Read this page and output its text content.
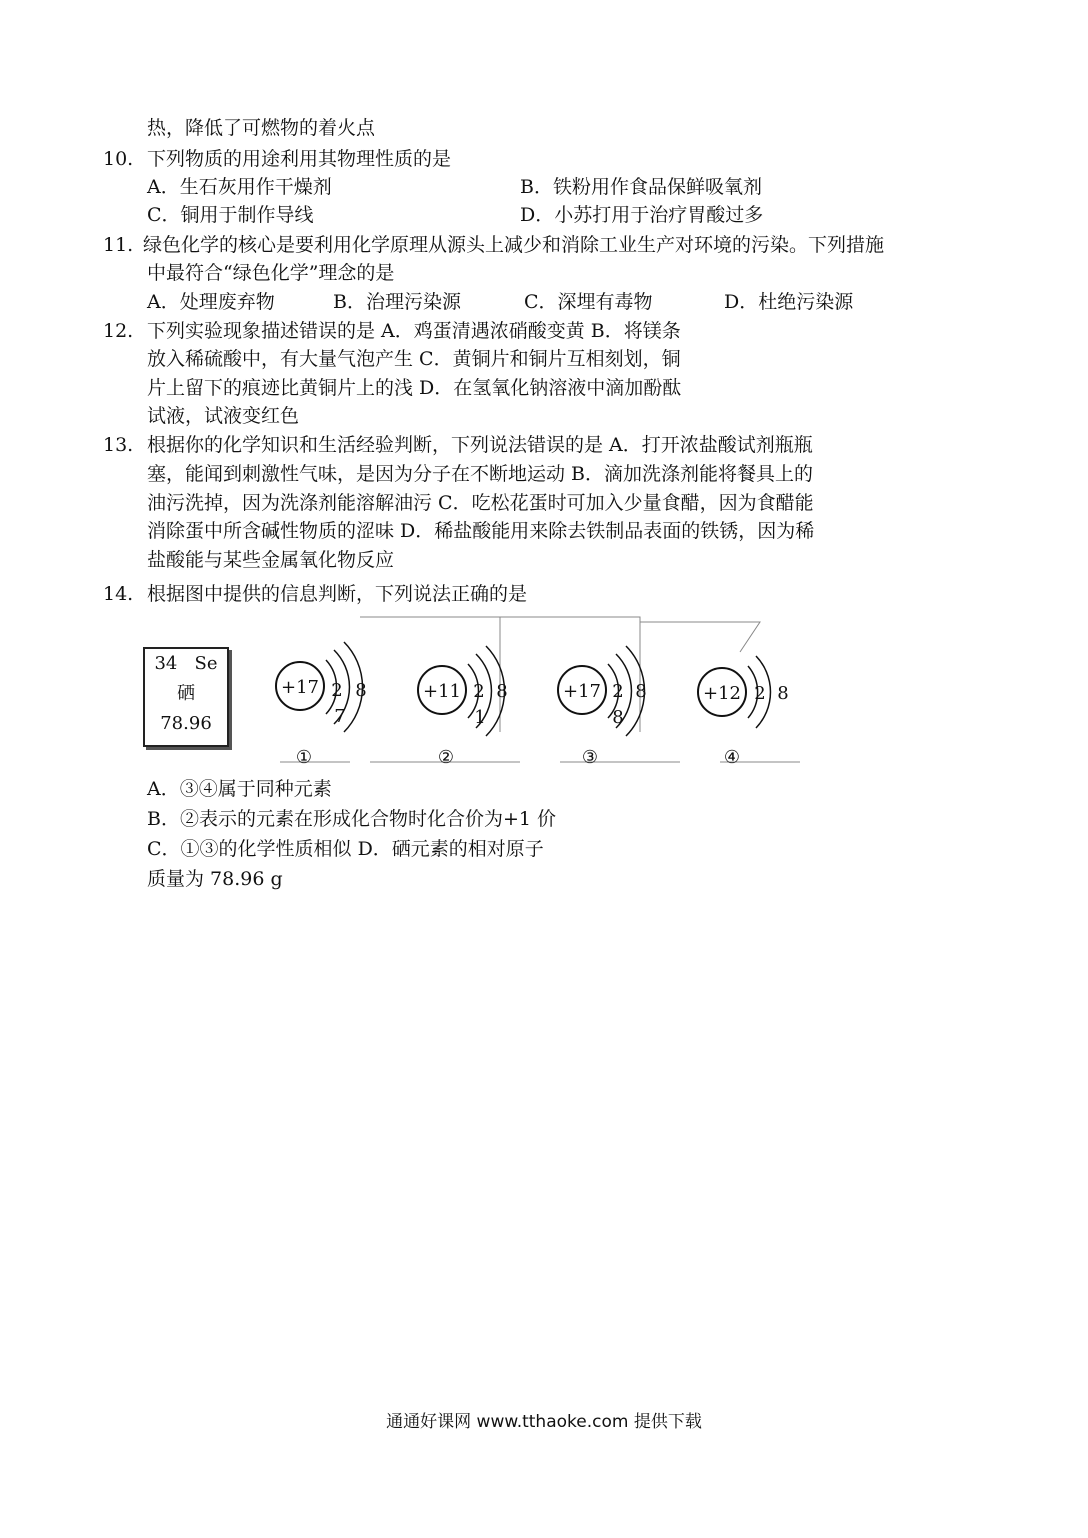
热，降低了可燃物的着火点
10. 下列物质的用途利用其物理性质的是
A．生石灰用作干燥剂	B．铁粉用作食品保鲜吸氧剂
C．铜用于制作导线	D．小苏打用于治疗胃酸过多
11. 绿色化学的核心是要利用化学原理从源头上减少和消除工业生产对环境的污染。下列措施
中最符合“绿色化学”理念的是
A．处理废弃物	B．治理污染源	C．深埋有毒物	D．杜绝污染源
12. 下列实验现象描述错误的是 A．鸡蛋清遇浓硝酸变黄 B．将镁条
放入稀硫酸中，有大量气泡产生 C．黄铜片和铜片互相刻划，铜
片上留下的痕迹比黄铜片上的浅 D．在氢氧化钠溶液中滴加酚酞
试液，试液变红色
13. 根据你的化学知识和生活经验判断，下列说法错误的是 A．打开浓盐酸试剂瓶瓶
塞，能闻到刺激性气味，是因为分子在不断地运动 B．滴加洗涤剂能将餐具上的
油污洗掉，因为洗涤剂能溶解油污 C．吃松花蛋时可加入少量食醋，因为食醋能
消除蛋中所含碱性物质的涩味 D．稀盐酸能用来除去铁制品表面的铁锈，因为稀
盐酸能与某些金属氧化物反应
14. 根据图中提供的信息判断，下列说法正确的是
34 Se
硒
78.96
+17 2 8
7
①
+11 2 8
1
②
+17 2 8
8
③
+12 2 8
④
A．③④属于同种元素
B．②表示的元素在形成化合物时化合价为+1 价
C．①③的化学性质相似 D．硒元素的相对原子
质量为 78.96 g
通通好课网 www.tthaoke.com 提供下载
